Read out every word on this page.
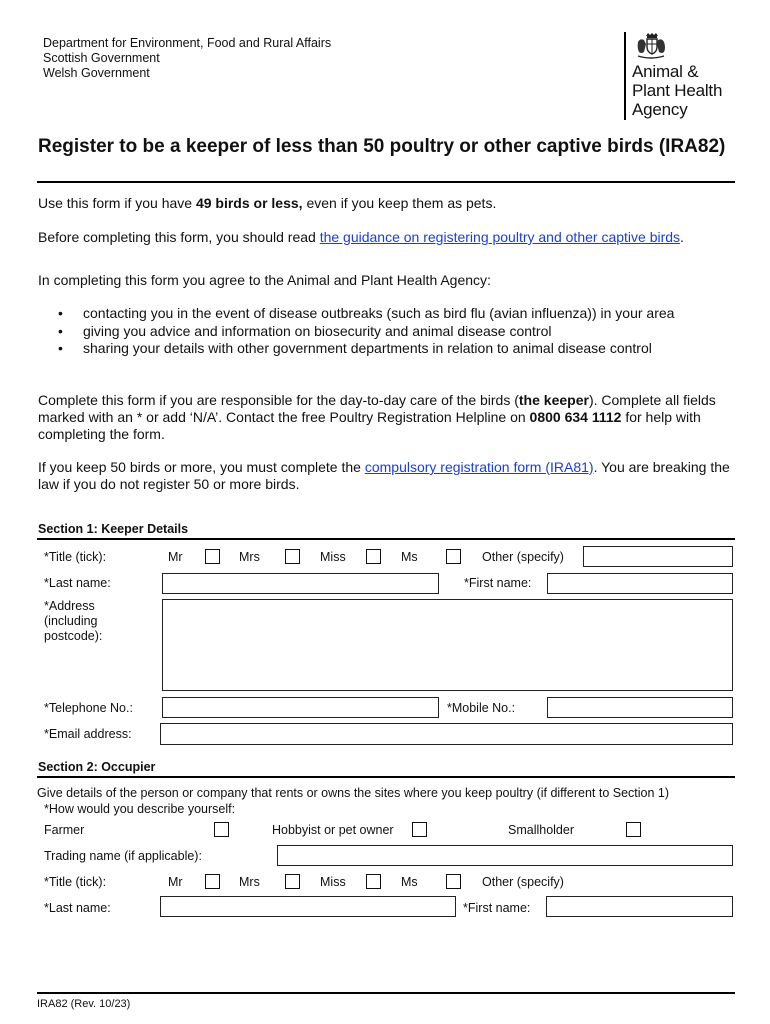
Department for Environment, Food and Rural Affairs
Scottish Government
Welsh Government	Animal &
Plant Health
Agency
Register to be a keeper of less than 50 poultry or other captive birds (IRA82)
Use this form if you have 49 birds or less, even if you keep them as pets.
Before completing this form, you should read the guidance on registering poultry and other captive birds.
In completing this form you agree to the Animal and Plant Health Agency:
• contacting you in the event of disease outbreaks (such as bird flu (avian influenza)) in your area
• giving you advice and information on biosecurity and animal disease control
• sharing your details with other government departments in relation to animal disease control
Complete this form if you are responsible for the day-to-day care of the birds (the keeper). Complete all fields marked with an * or add ‘N/A’. Contact the free Poultry Registration Helpline on 0800 634 1112 for help with completing the form.
If you keep 50 birds or more, you must complete the compulsory registration form (IRA81). You are breaking the law if you do not register 50 or more birds.
Section 1: Keeper Details
*Title (tick):	Mr	Mrs	Miss	Ms	Other (specify)
*Last name:	*First name:
*Address (including postcode):
*Telephone No.:	*Mobile No.:
*Email address:
Section 2: Occupier
Give details of the person or company that rents or owns the sites where you keep poultry (if different to Section 1)
*How would you describe yourself:
Farmer	Hobbyist or pet owner	Smallholder
Trading name (if applicable):
*Title (tick):	Mr	Mrs	Miss	Ms	Other (specify)
*Last name:	*First name:
IRA82 (Rev. 10/23)
